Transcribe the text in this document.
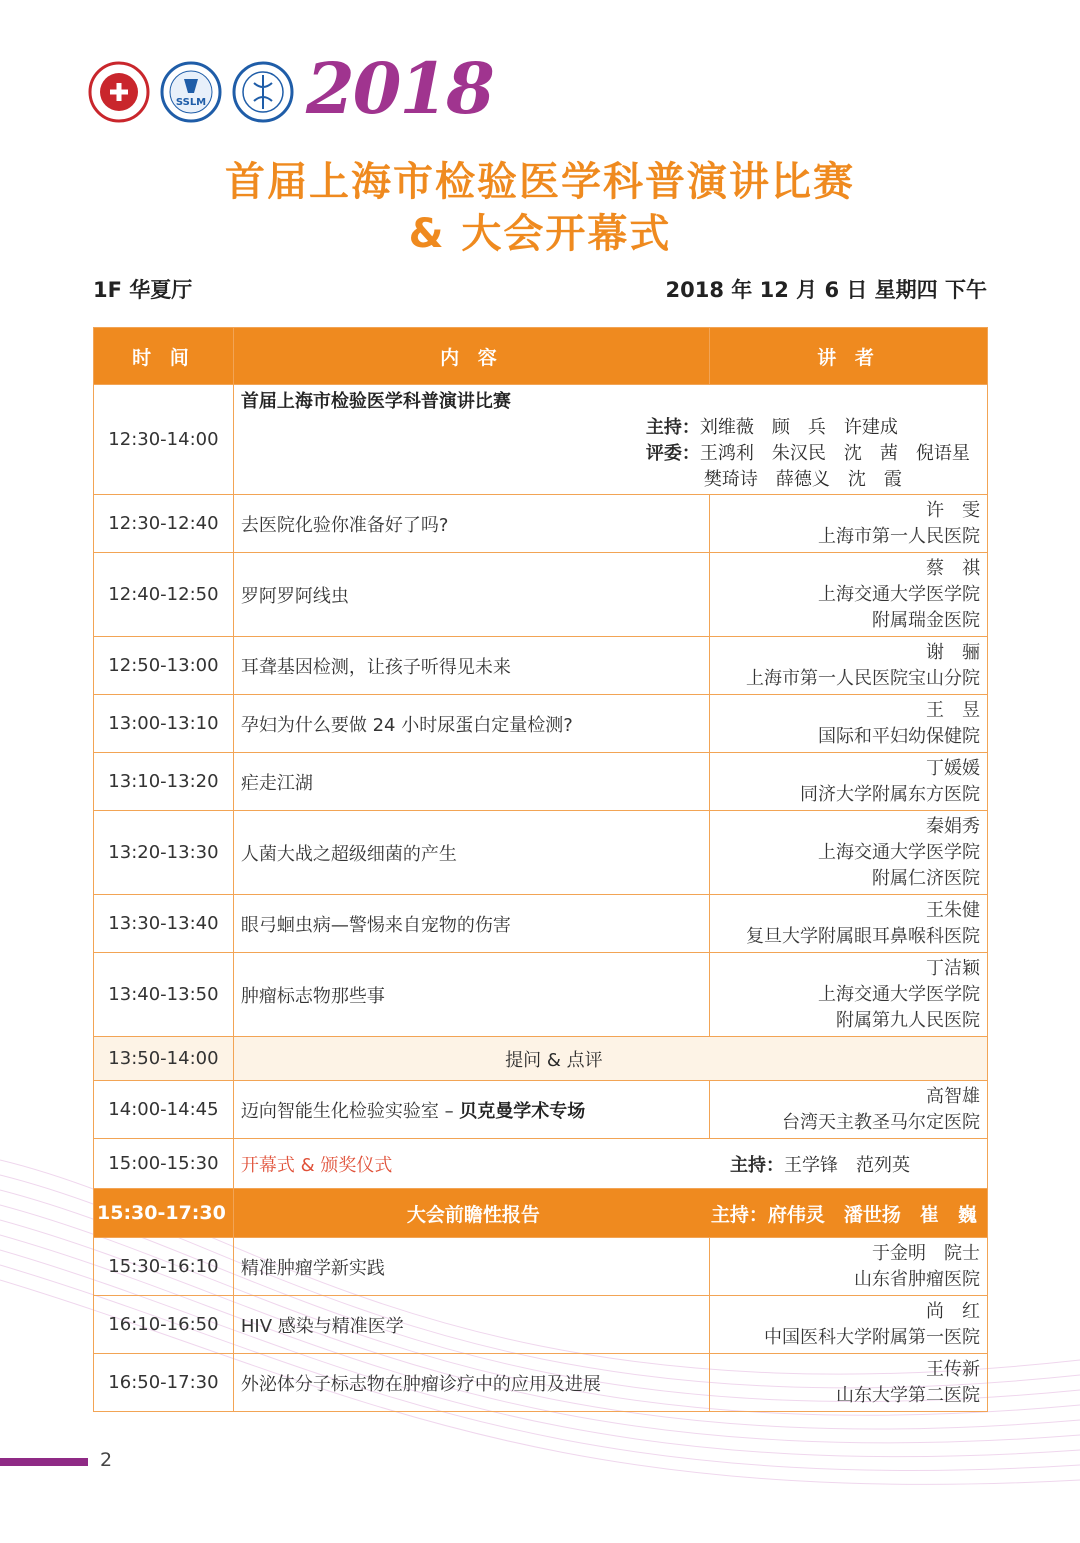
SSLM 2018
首届上海市检验医学科普演讲比赛
& 大会开幕式
1F 华夏厅	2018 年 12 月 6 日 星期四 下午
时 间	内 容	讲 者
12:30-14:00	首届上海市检验医学科普演讲比赛
主持：刘维薇　顾　兵　许建成
评委：王鸿利　朱汉民　沈　茜　倪语星
樊琦诗　薛德义　沈　霞	

12:30-12:40	去医院化验你准备好了吗?	许　雯
上海市第一人民医院

12:40-12:50	罗阿罗阿线虫	蔡　祺
上海交通大学医学院
附属瑞金医院

12:50-13:00	耳聋基因检测，让孩子听得见未来	谢　骊
上海市第一人民医院宝山分院

13:00-13:10	孕妇为什么要做 24 小时尿蛋白定量检测?	王　昱
国际和平妇幼保健院

13:10-13:20	疟走江湖	丁媛媛
同济大学附属东方医院

13:20-13:30	人菌大战之超级细菌的产生	秦娟秀
上海交通大学医学院
附属仁济医院

13:30-13:40	眼弓蛔虫病—警惕来自宠物的伤害	王朱健
复旦大学附属眼耳鼻喉科医院

13:40-13:50	肿瘤标志物那些事	丁洁颖
上海交通大学医学院
附属第九人民医院

13:50-14:00	提问 & 点评	
14:00-14:45	迈向智能生化检验实验室 – 贝克曼学术专场	高智雄
台湾天主教圣马尔定医院

15:00-15:30	开幕式 & 颁奖仪式 主持：王学锋　范列英	

15:30-17:30	大会前瞻性报告 主持：府伟灵　潘世扬　崔　巍	
15:30-16:10	精准肿瘤学新实践	于金明　院士
山东省肿瘤医院

16:10-16:50	HIV 感染与精准医学	尚　红
中国医科大学附属第一医院

16:50-17:30	外泌体分子标志物在肿瘤诊疗中的应用及进展	王传新
山东大学第二医院
2
